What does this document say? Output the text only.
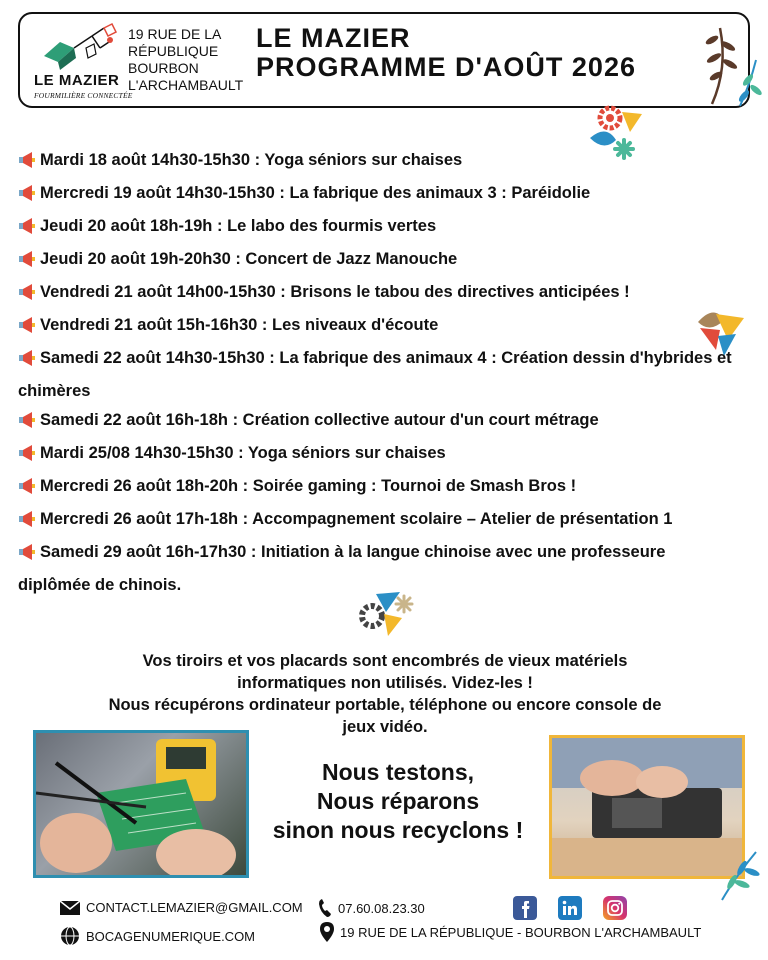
LE MAZIER
FOURMILIÈRE CONNECTÉE
19 RUE DE LA
RÉPUBLIQUE
BOURBON
L'ARCHAMBAULT
LE MAZIER
PROGRAMME D'AOÛT 2026
Mardi 18 août 14h30-15h30 : Yoga séniors sur chaises
Mercredi 19 août 14h30-15h30 : La fabrique des animaux 3 : Paréidolie
Jeudi 20 août 18h-19h : Le labo des fourmis vertes
Jeudi 20 août 19h-20h30 : Concert de Jazz Manouche
Vendredi 21 août 14h00-15h30 : Brisons le tabou des directives anticipées !
Vendredi 21 août 15h-16h30 : Les niveaux d'écoute
Samedi 22 août 14h30-15h30 : La fabrique des animaux 4 : Création dessin d'hybrides et chimères
Samedi 22 août 16h-18h : Création collective autour d'un court métrage
Mardi 25/08 14h30-15h30 : Yoga séniors sur chaises
Mercredi 26 août 18h-20h : Soirée gaming : Tournoi de Smash Bros !
Mercredi 26 août 17h-18h : Accompagnement scolaire – Atelier de présentation 1
Samedi 29 août 16h-17h30 : Initiation à la langue chinoise avec une professeure diplômée de chinois.
Vos tiroirs et vos placards sont encombrés de vieux matériels
informatiques non utilisés. Videz-les !
Nous récupérons ordinateur portable, téléphone ou encore console de
jeux vidéo.
Nous testons,
Nous réparons
sinon nous recyclons !
CONTACT.LEMAZIER@GMAIL.COM
BOCAGENUMERIQUE.COM
07.60.08.23.30
19 RUE DE LA RÉPUBLIQUE - BOURBON L'ARCHAMBAULT
